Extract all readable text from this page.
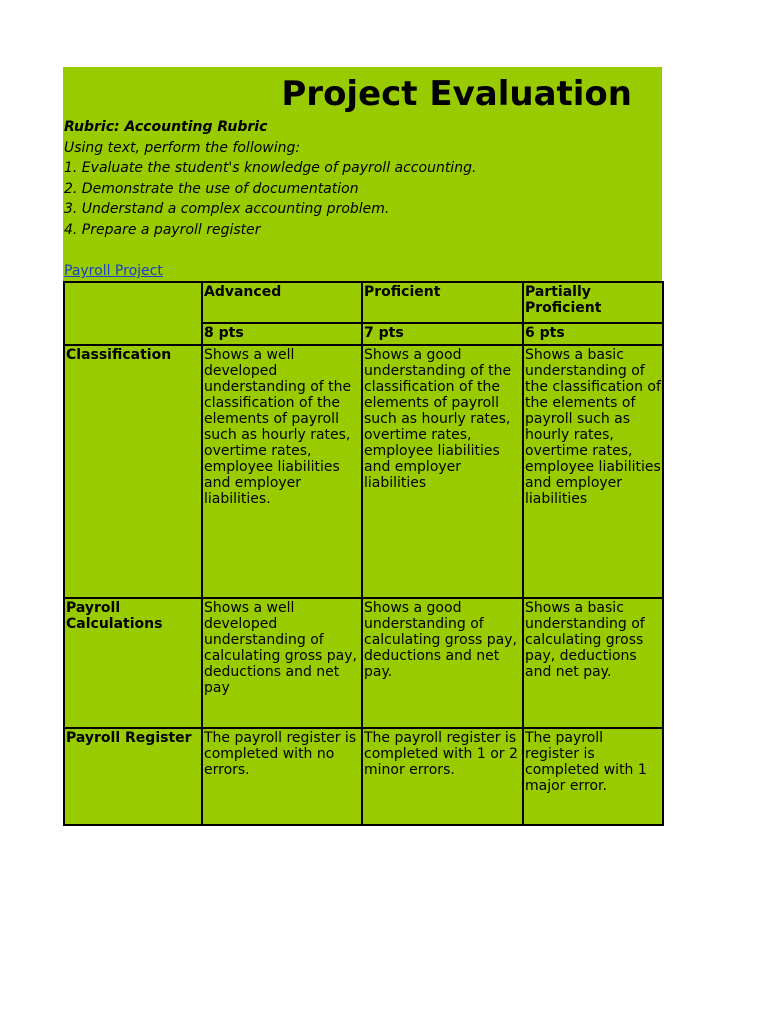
Project Evaluation
Rubric: Accounting Rubric
Using text, perform the following:
1. Evaluate the student's knowledge of payroll accounting.
2. Demonstrate the use of documentation
3. Understand a complex accounting problem.
4. Prepare a payroll register
Payroll Project
	Advanced	Proficient	Partially Proficient
	8 pts	7 pts	6 pts
Classification	Shows a well developed understanding of the classification of the elements of payroll such as hourly rates, overtime rates, employee liabilities and employer liabilities.	Shows a good understanding of the classification of the elements of payroll such as hourly rates, overtime rates, employee liabilities and employer liabilities	Shows a basic understanding of the classification of the elements of payroll such as hourly rates, overtime rates, employee liabilities and employer liabilities
Payroll Calculations	Shows a well developed understanding of calculating gross pay, deductions and net pay	Shows a good understanding of calculating gross pay, deductions and net pay.	Shows a basic understanding of calculating gross pay, deductions and net pay.
Payroll Register	The payroll register is completed with no errors.	The payroll register is completed with 1 or 2 minor errors.	The payroll register is completed with 1 major error.
